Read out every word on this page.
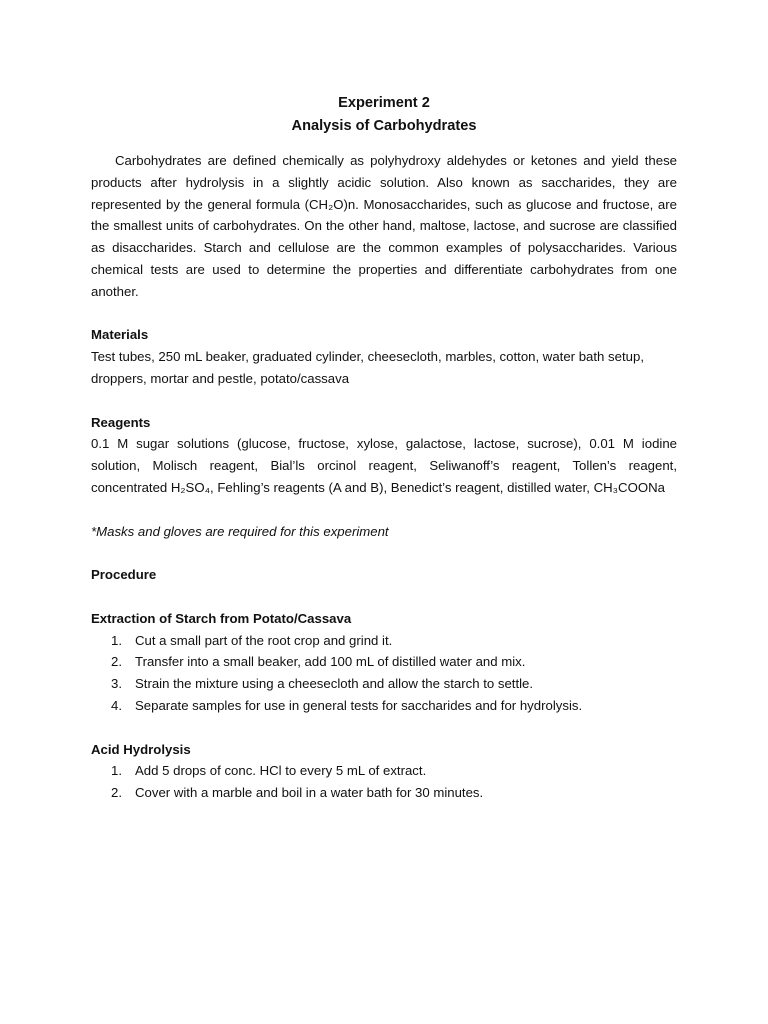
Experiment 2
Analysis of Carbohydrates

Carbohydrates are defined chemically as polyhydroxy aldehydes or ketones and yield these products after hydrolysis in a slightly acidic solution. Also known as saccharides, they are represented by the general formula (CH₂O)n. Monosaccharides, such as glucose and fructose, are the smallest units of carbohydrates. On the other hand, maltose, lactose, and sucrose are classified as disaccharides. Starch and cellulose are the common examples of polysaccharides. Various chemical tests are used to determine the properties and differentiate carbohydrates from one another.

Materials

Test tubes, 250 mL beaker, graduated cylinder, cheesecloth, marbles, cotton, water bath setup, droppers, mortar and pestle, potato/cassava

Reagents

0.1 M sugar solutions (glucose, fructose, xylose, galactose, lactose, sucrose), 0.01 M iodine solution, Molisch reagent, Bial’ls orcinol reagent, Seliwanoff’s reagent, Tollen’s reagent, concentrated H₂SO₄, Fehling’s reagents (A and B), Benedict’s reagent, distilled water, CH₃COONa

*Masks and gloves are required for this experiment

Procedure
Extraction of Starch from Potato/Cassava
1. Cut a small part of the root crop and grind it.
2. Transfer into a small beaker, add 100 mL of distilled water and mix.
3. Strain the mixture using a cheesecloth and allow the starch to settle.
4. Separate samples for use in general tests for saccharides and for hydrolysis.
Acid Hydrolysis
1. Add 5 drops of conc. HCl to every 5 mL of extract.
2. Cover with a marble and boil in a water bath for 30 minutes.
